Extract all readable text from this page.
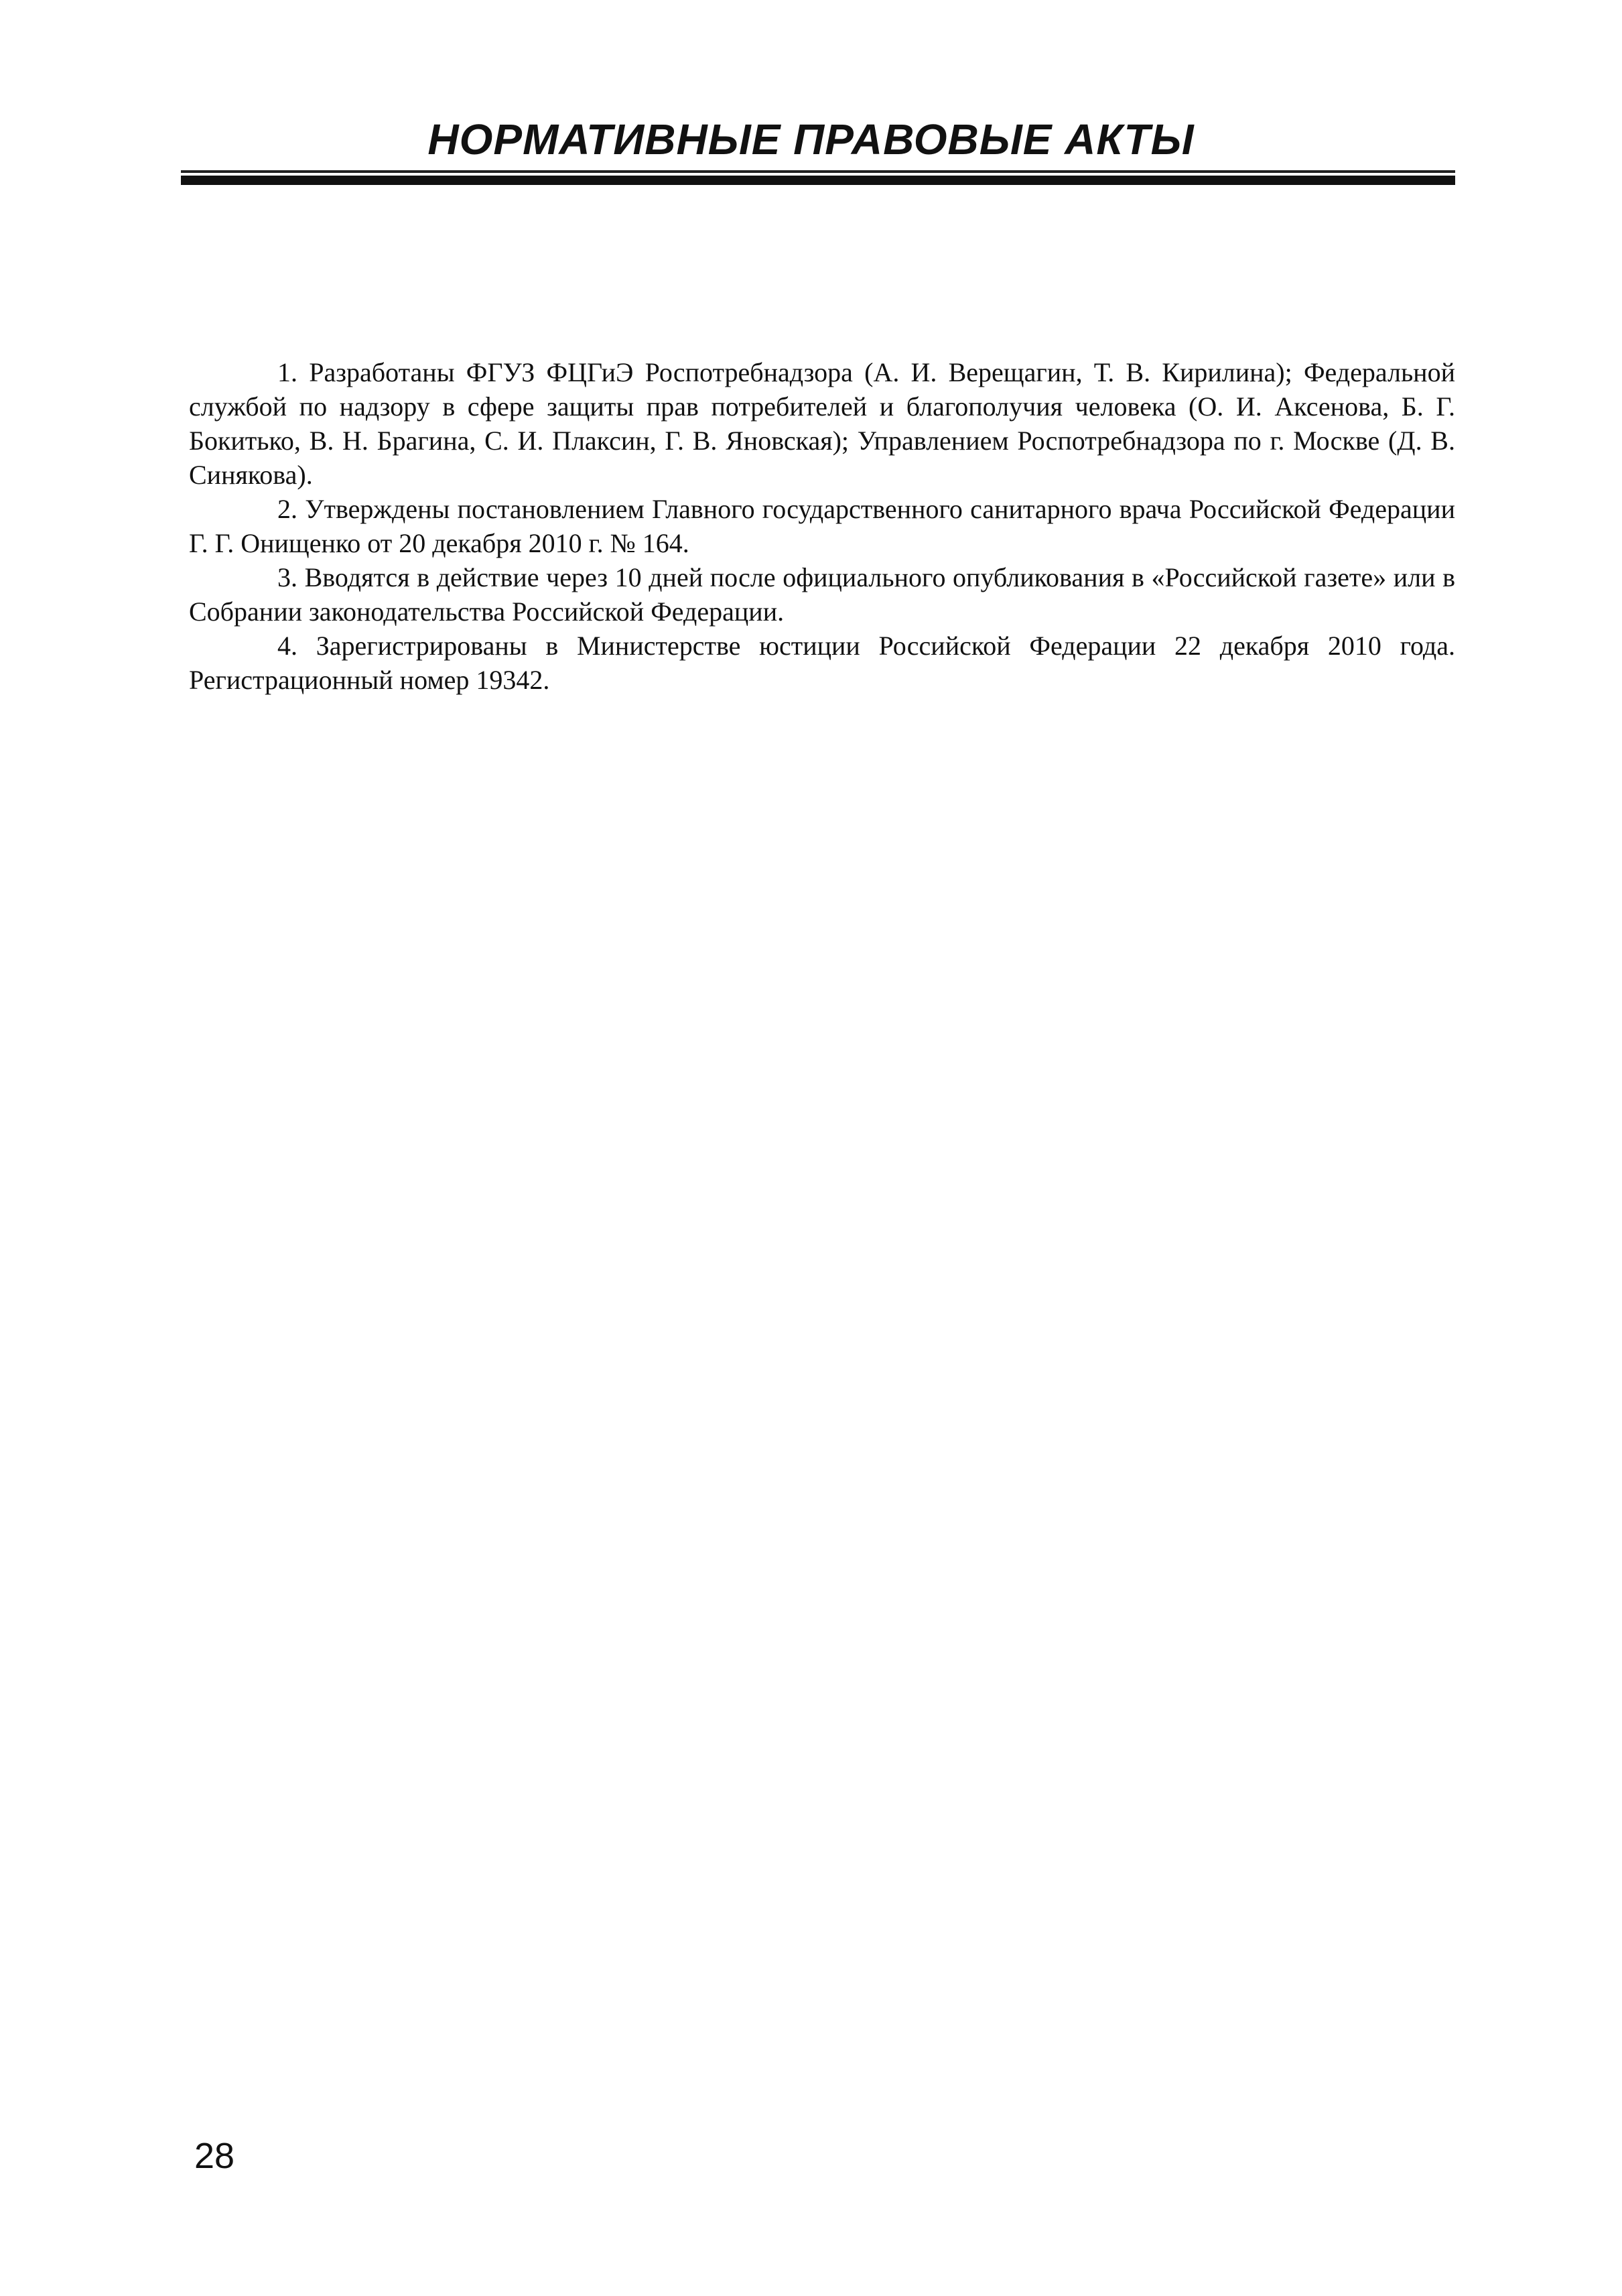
НОРМАТИВНЫЕ ПРАВОВЫЕ АКТЫ

1. Разработаны ФГУЗ ФЦГиЭ Роспотребнадзора (А. И. Верещагин, Т. В. Кирилина); Федеральной службой по надзору в сфере защиты прав потребителей и благополучия человека (О. И. Аксенова, Б. Г. Бокитько, В. Н. Брагина, С. И. Плаксин, Г. В. Яновская); Управлением Роспотребнадзора по г. Москве (Д. В. Синякова).

2. Утверждены постановлением Главного государственного санитарного врача Российской Федерации Г. Г. Онищенко от 20 декабря 2010 г. № 164.

3. Вводятся в действие через 10 дней после официального опубликования в «Российской газете» или в Собрании законодательства Российской Федерации.

4. Зарегистрированы в Министерстве юстиции Российской Федерации 22 декабря 2010 года. Регистрационный номер 19342.

28
